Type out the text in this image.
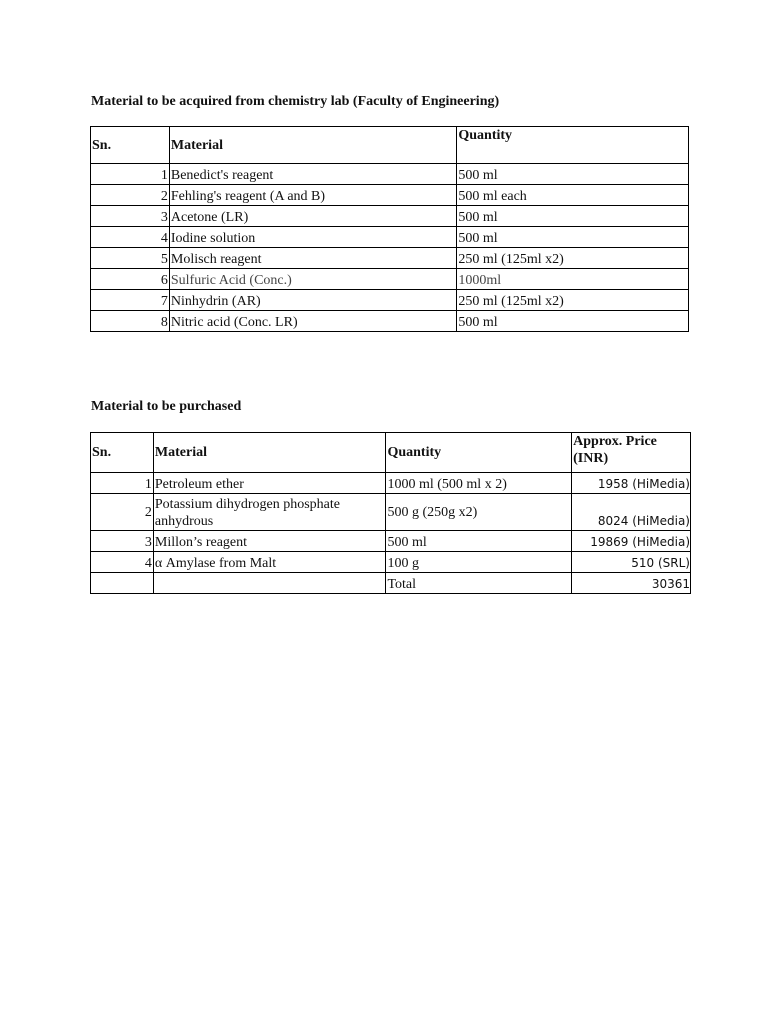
Material to be acquired from chemistry lab (Faculty of Engineering)
Sn.	Material	Quantity
1	Benedict's reagent	500 ml
2	Fehling's reagent (A and B)	500 ml each
3	Acetone (LR)	500 ml
4	Iodine solution	500 ml
5	Molisch reagent	250 ml (125ml x2)
6	Sulfuric Acid (Conc.)	1000ml
7	Ninhydrin (AR)	250 ml (125ml x2)
8	Nitric acid (Conc. LR)	500 ml
Material to be purchased
Sn.	Material	Quantity	Approx. Price (INR)
1	Petroleum ether	1000 ml (500 ml x 2)	1958 (HiMedia)
2	Potassium dihydrogen phosphate anhydrous	500 g (250g x2)	8024 (HiMedia)
3	Millon’s reagent	500 ml	19869 (HiMedia)
4	α Amylase from Malt	100 g	510 (SRL)
		Total	30361
